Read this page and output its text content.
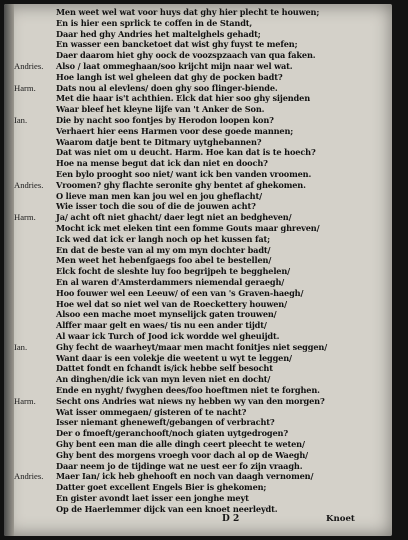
Men weet wel wat voor huys dat ghy hier plecht te houwen;
En is hier een sprlick te coffen in de Standt,
Daar hed ghy Andries het maltelghels gehadt;
En wasser een bancketoet dat wist ghy fuyst te mefen;
Daer daarom hiet ghy oock de voozspzaach van qua faken.
Andries.	Also / laat ommeghaan/soo krijcht mijn naar wel wat.
Hoe langh ist wel gheleen dat ghy de pocken badt?
Harm.	Dats nou al elevlens/ doen ghy soo flinger-biende.
Met die haar is't achthien. Elck dat hier soo ghy sijenden
Waar bleef het kleyne lijfe van 't Anker de Son.
Ian.	Die by nacht soo fontjes by Herodon loopen kon?
Verhaert hier eens Harmen voor dese goede mannen;
Waarom datje bent te Ditmary uytghebannen?
Dat was niet om u deucht. Harm. Hoe kan dat is te hoech?
Hoe na mense begut dat ick dan niet en dooch?
Een bylo prooght soo niet/ want ick ben vanden vroomen.
Andries.	Vroomen? ghy flachte seronite ghy bentet af ghekomen.
O lieve man men kan jou wel en jou gheflacht/
Wie isser toch die sou of die de jouwen acht?
Harm.	Ja/ acht oft niet ghacht/ daer legt niet an bedgheven/
Mocht ick met eleken tint een fomme Gouts maar ghreven/
Ick wed dat ick er langh noch op het kussen fat;
En dat de beste van al my om myn dochter badt/
Men weet het hebenfgaegs foo abel te bestellen/
Elck focht de sleshte luy foo begrijpeh te begghelen/
En al waren d'Amsterdammers niemendal geraegh/
Hoo fouwer wel een Leeuw/ of een van 's Graven-haegh/
Hoe wel dat so niet wel van de Roeckettery houwen/
Alsoo een mache moet mynselijck gaten trouwen/
Alffer maar gelt en waes/ tis nu een ander tijdt/
Al waar ick Turch of Jood ick wordde wel gheuijdt.
Ian.	Ghy fecht de waarheyt/maar men macht fonitjes niet seggen/
Want daar is een volekje die weetent u wyt te leggen/
Dattet fondt en fchandt is/ick hebbe self besocht
An dinghen/die ick van myn leven niet en docht/
Ende en nyght/ fwyghen dees/foo hoeftmen niet te forghen.
Harm.	Secht ons Andries wat niews ny hebben wy van den morgen?
Wat isser ommegaen/ gisteren of te nacht?
Isser niemant gheneweft/gebangen of verbracht?
Der o fmoeft/geranchooft/noch giaten uytgedrogen?
Ghy bent een man die alle dingh ceert pleecht te weten/
Ghy bent des morgens vroegh voor dach al op de Waegh/
Daar neem jo de tijdinge wat ne uest eer fo zijn vraagh.
Andries.	Maer Ian/ ick heb ghehooft en noch van daagh vernomen/
Datter goet excellent Engels Bier is ghekomen;
En gister avondt laet isser een jonghe meyt
Op de Haerlemmer dijck van een knoet neerleydt.
D 2	Knoet
